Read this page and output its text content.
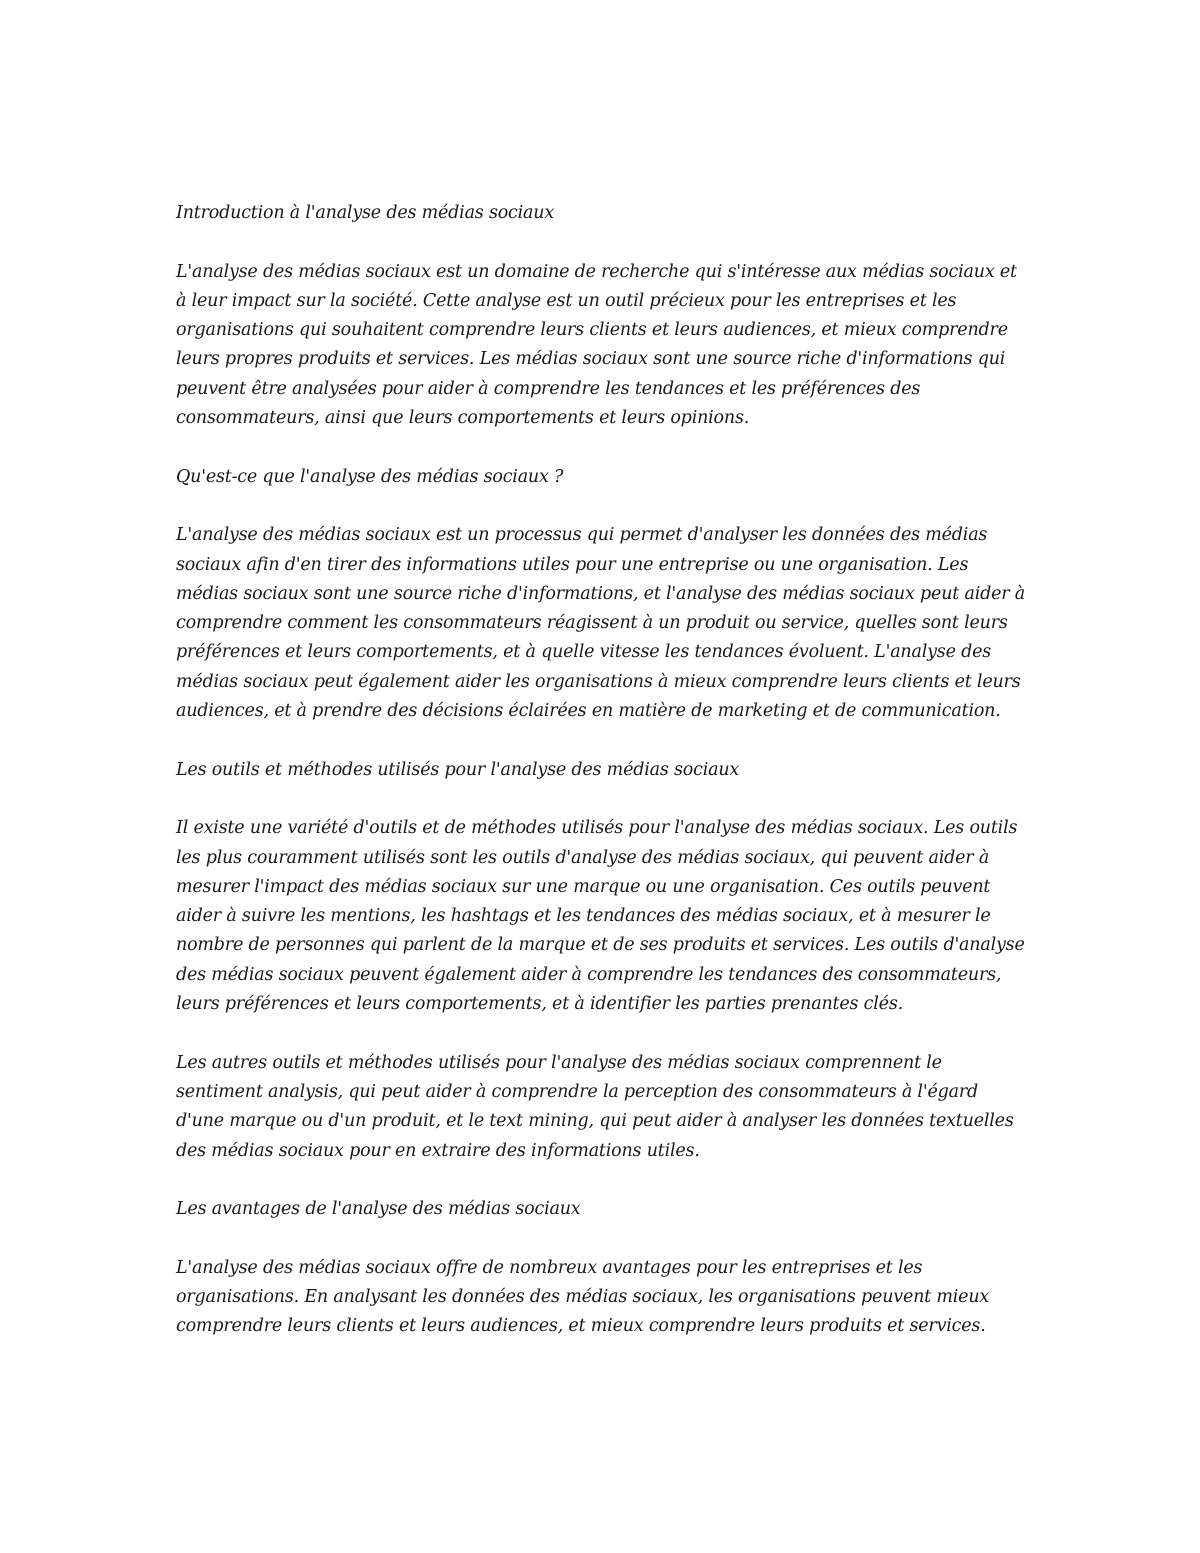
Introduction à l'analyse des médias sociaux

L'analyse des médias sociaux est un domaine de recherche qui s'intéresse aux médias sociaux et à leur impact sur la société. Cette analyse est un outil précieux pour les entreprises et les organisations qui souhaitent comprendre leurs clients et leurs audiences, et mieux comprendre leurs propres produits et services. Les médias sociaux sont une source riche d'informations qui peuvent être analysées pour aider à comprendre les tendances et les préférences des consommateurs, ainsi que leurs comportements et leurs opinions.

Qu'est-ce que l'analyse des médias sociaux ?

L'analyse des médias sociaux est un processus qui permet d'analyser les données des médias sociaux afin d'en tirer des informations utiles pour une entreprise ou une organisation. Les médias sociaux sont une source riche d'informations, et l'analyse des médias sociaux peut aider à comprendre comment les consommateurs réagissent à un produit ou service, quelles sont leurs préférences et leurs comportements, et à quelle vitesse les tendances évoluent. L'analyse des médias sociaux peut également aider les organisations à mieux comprendre leurs clients et leurs audiences, et à prendre des décisions éclairées en matière de marketing et de communication.

Les outils et méthodes utilisés pour l'analyse des médias sociaux

Il existe une variété d'outils et de méthodes utilisés pour l'analyse des médias sociaux. Les outils les plus couramment utilisés sont les outils d'analyse des médias sociaux, qui peuvent aider à mesurer l'impact des médias sociaux sur une marque ou une organisation. Ces outils peuvent aider à suivre les mentions, les hashtags et les tendances des médias sociaux, et à mesurer le nombre de personnes qui parlent de la marque et de ses produits et services. Les outils d'analyse des médias sociaux peuvent également aider à comprendre les tendances des consommateurs, leurs préférences et leurs comportements, et à identifier les parties prenantes clés.

Les autres outils et méthodes utilisés pour l'analyse des médias sociaux comprennent le sentiment analysis, qui peut aider à comprendre la perception des consommateurs à l'égard d'une marque ou d'un produit, et le text mining, qui peut aider à analyser les données textuelles des médias sociaux pour en extraire des informations utiles.

Les avantages de l'analyse des médias sociaux

L'analyse des médias sociaux offre de nombreux avantages pour les entreprises et les organisations. En analysant les données des médias sociaux, les organisations peuvent mieux comprendre leurs clients et leurs audiences, et mieux comprendre leurs produits et services.
